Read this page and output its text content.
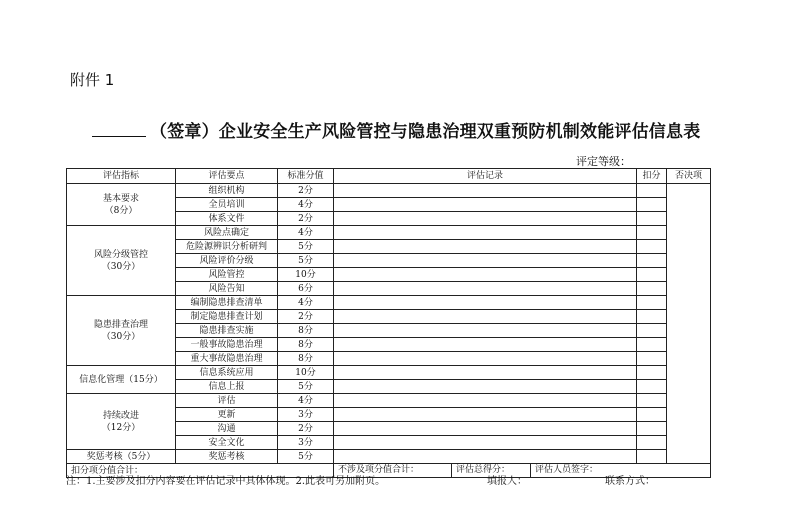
附件 1
（签章）企业安全生产风险管控与隐患治理双重预防机制效能评估信息表
评定等级：
评估指标	评估要点	标准分值	评估记录	扣分	否决项

基本要求
（8分）	组织机构	2分			
	全员培训	4分			
	体系文件	2分			

风险分级管控
（30分）	风险点确定	4分			
	危险源辨识分析研判	5分			
	风险评价分级	5分			
	风险管控	10分			
	风险告知	6分			

隐患排查治理
（30分）	编制隐患排查清单	4分			
	制定隐患排查计划	2分			
	隐患排查实施	8分			
	一般事故隐患治理	8分			
	重大事故隐患治理	8分			

信息化管理（15分）	信息系统应用	10分			
	信息上报	5分			

持续改进
（12分）	评估	4分			
	更新	3分			
	沟通	2分			
	安全文化	3分			

奖惩考核（5分）	奖惩考核	5分			
扣分项分值合计：			不涉及项分值合计： 评估总得分： 评估人员签字：		
注：1.主要涉及扣分内容要在评估记录中具体体现。2.此表可另加附页。	填报人：	联系方式：
